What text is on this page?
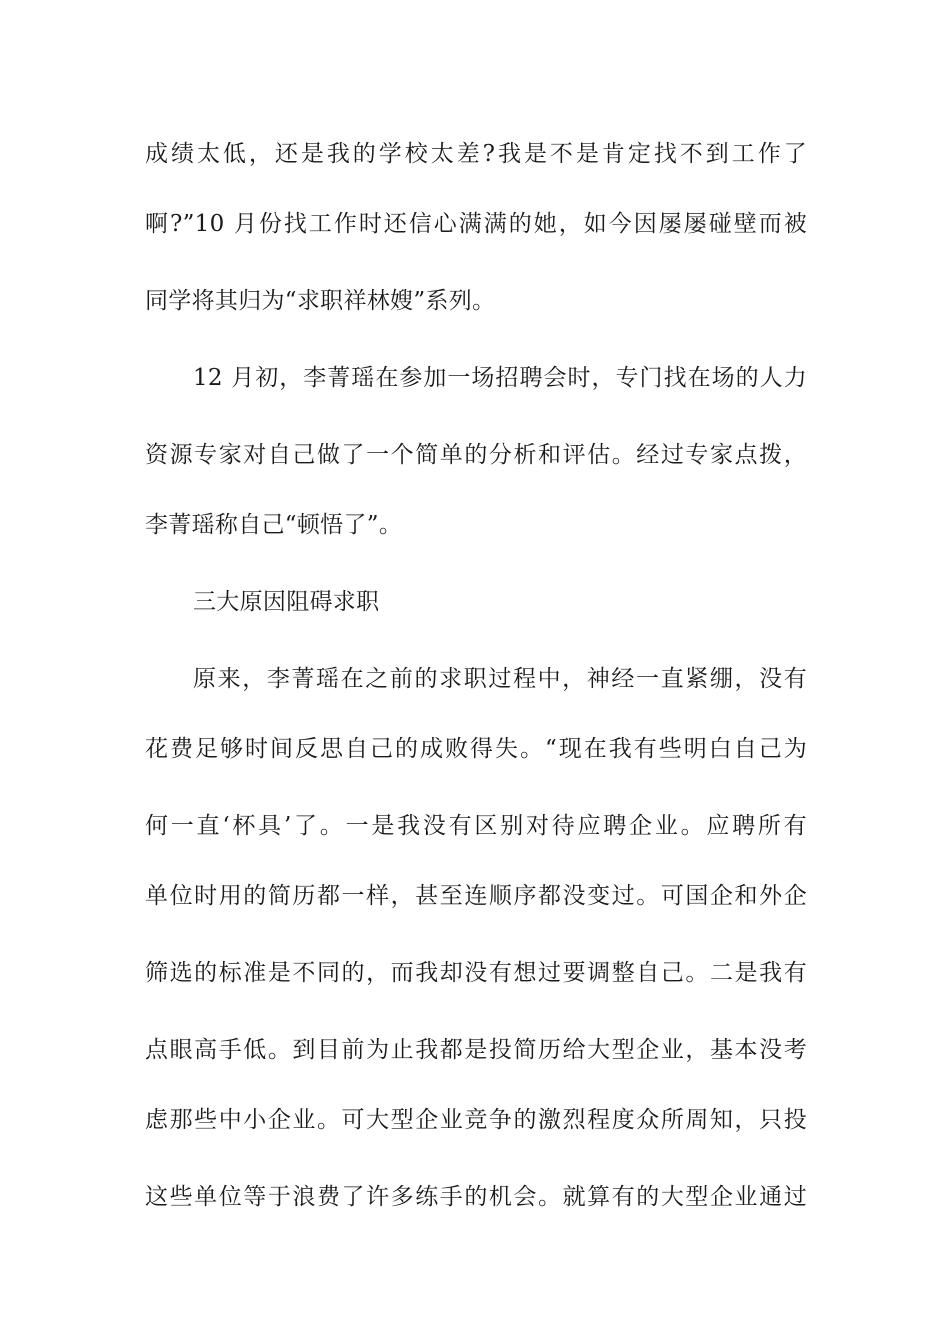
成绩太低，还是我的学校太差?我是不是肯定找不到工作了
啊?”10 月份找工作时还信心满满的她，如今因屡屡碰壁而被
同学将其归为“求职祥林嫂”系列。
12 月初，李菁瑶在参加一场招聘会时，专门找在场的人力
资源专家对自己做了一个简单的分析和评估。经过专家点拨，
李菁瑶称自己“顿悟了”。
三大原因阻碍求职
原来，李菁瑶在之前的求职过程中，神经一直紧绷，没有
花费足够时间反思自己的成败得失。“现在我有些明白自己为
何一直‘杯具’了。一是我没有区别对待应聘企业。应聘所有
单位时用的简历都一样，甚至连顺序都没变过。可国企和外企
筛选的标准是不同的，而我却没有想过要调整自己。二是我有
点眼高手低。到目前为止我都是投简历给大型企业，基本没考
虑那些中小企业。可大型企业竞争的激烈程度众所周知，只投
这些单位等于浪费了许多练手的机会。就算有的大型企业通过
